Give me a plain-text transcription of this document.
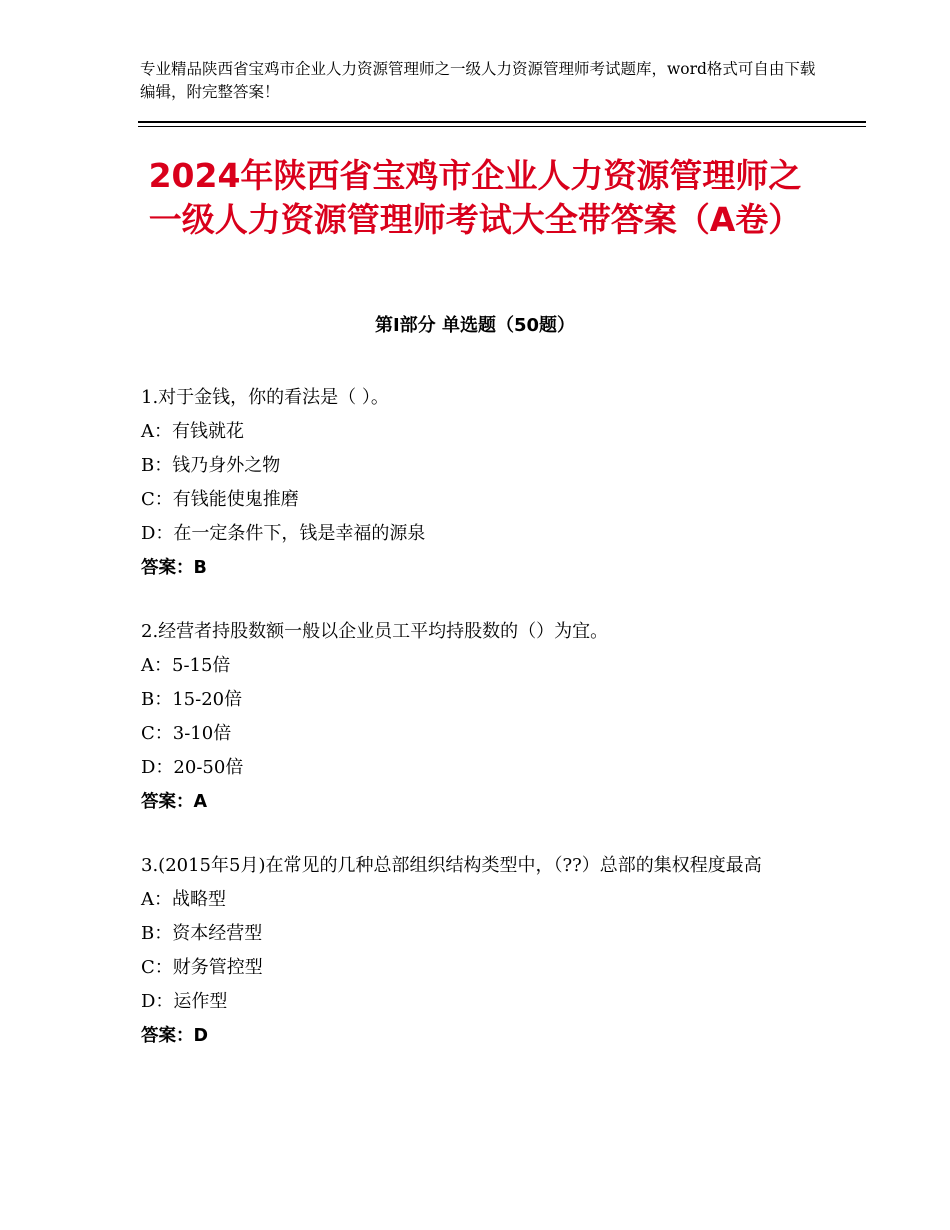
专业精品陕西省宝鸡市企业人力资源管理师之一级人力资源管理师考试题库，word格式可自由下载编辑，附完整答案！
2024年陕西省宝鸡市企业人力资源管理师之一级人力资源管理师考试大全带答案（A卷）
第Ⅰ部分 单选题（50题）
1.对于金钱，你的看法是（ ）。
A：有钱就花
B：钱乃身外之物
C：有钱能使鬼推磨
D：在一定条件下，钱是幸福的源泉
答案：B
2.经营者持股数额一般以企业员工平均持股数的（）为宜。
A：5-15倍
B：15-20倍
C：3-10倍
D：20-50倍
答案：A
3.(2015年5月)在常见的几种总部组织结构类型中，（??）总部的集权程度最高
A：战略型
B：资本经营型
C：财务管控型
D：运作型
答案：D
